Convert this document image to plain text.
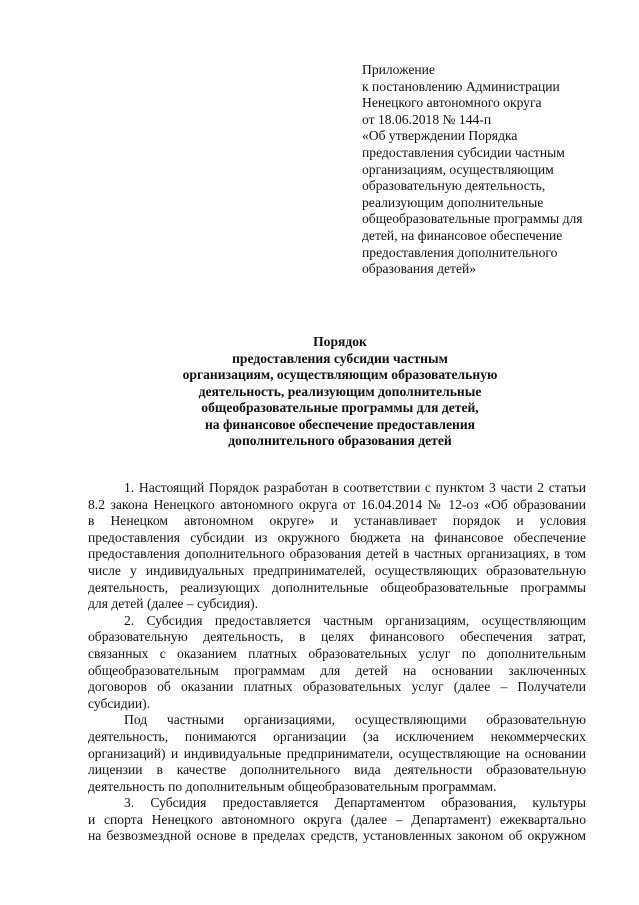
Приложение
к постановлению Администрации
Ненецкого автономного округа
от 18.06.2018 № 144-п
«Об утверждении Порядка
предоставления субсидии частным
организациям, осуществляющим
образовательную деятельность,
реализующим дополнительные
общеобразовательные программы для
детей, на финансовое обеспечение
предоставления дополнительного
образования детей»
Порядок
предоставления субсидии частным
организациям, осуществляющим образовательную
деятельность, реализующим дополнительные
общеобразовательные программы для детей,
на финансовое обеспечение предоставления
дополнительного образования детей
1. Настоящий Порядок разработан в соответствии с пунктом 3 части 2 статьи
8.2 закона Ненецкого автономного округа от 16.04.2014 № 12-оз «Об образовании
в Ненецком автономном округе» и устанавливает порядок и условия
предоставления субсидии из окружного бюджета на финансовое обеспечение
предоставления дополнительного образования детей в частных организациях, в том
числе у индивидуальных предпринимателей, осуществляющих образовательную
деятельность, реализующих дополнительные общеобразовательные программы
для детей (далее – субсидия).
2. Субсидия предоставляется частным организациям, осуществляющим
образовательную деятельность, в целях финансового обеспечения затрат,
связанных с оказанием платных образовательных услуг по дополнительным
общеобразовательным программам для детей на основании заключенных
договоров об оказании платных образовательных услуг (далее – Получатели
субсидии).
Под частными организациями, осуществляющими образовательную
деятельность, понимаются организации (за исключением некоммерческих
организаций) и индивидуальные предприниматели, осуществляющие на основании
лицензии в качестве дополнительного вида деятельности образовательную
деятельность по дополнительным общеобразовательным программам.
3. Субсидия предоставляется Департаментом образования, культуры
и спорта Ненецкого автономного округа (далее – Департамент) ежеквартально
на безвозмездной основе в пределах средств, установленных законом об окружном
